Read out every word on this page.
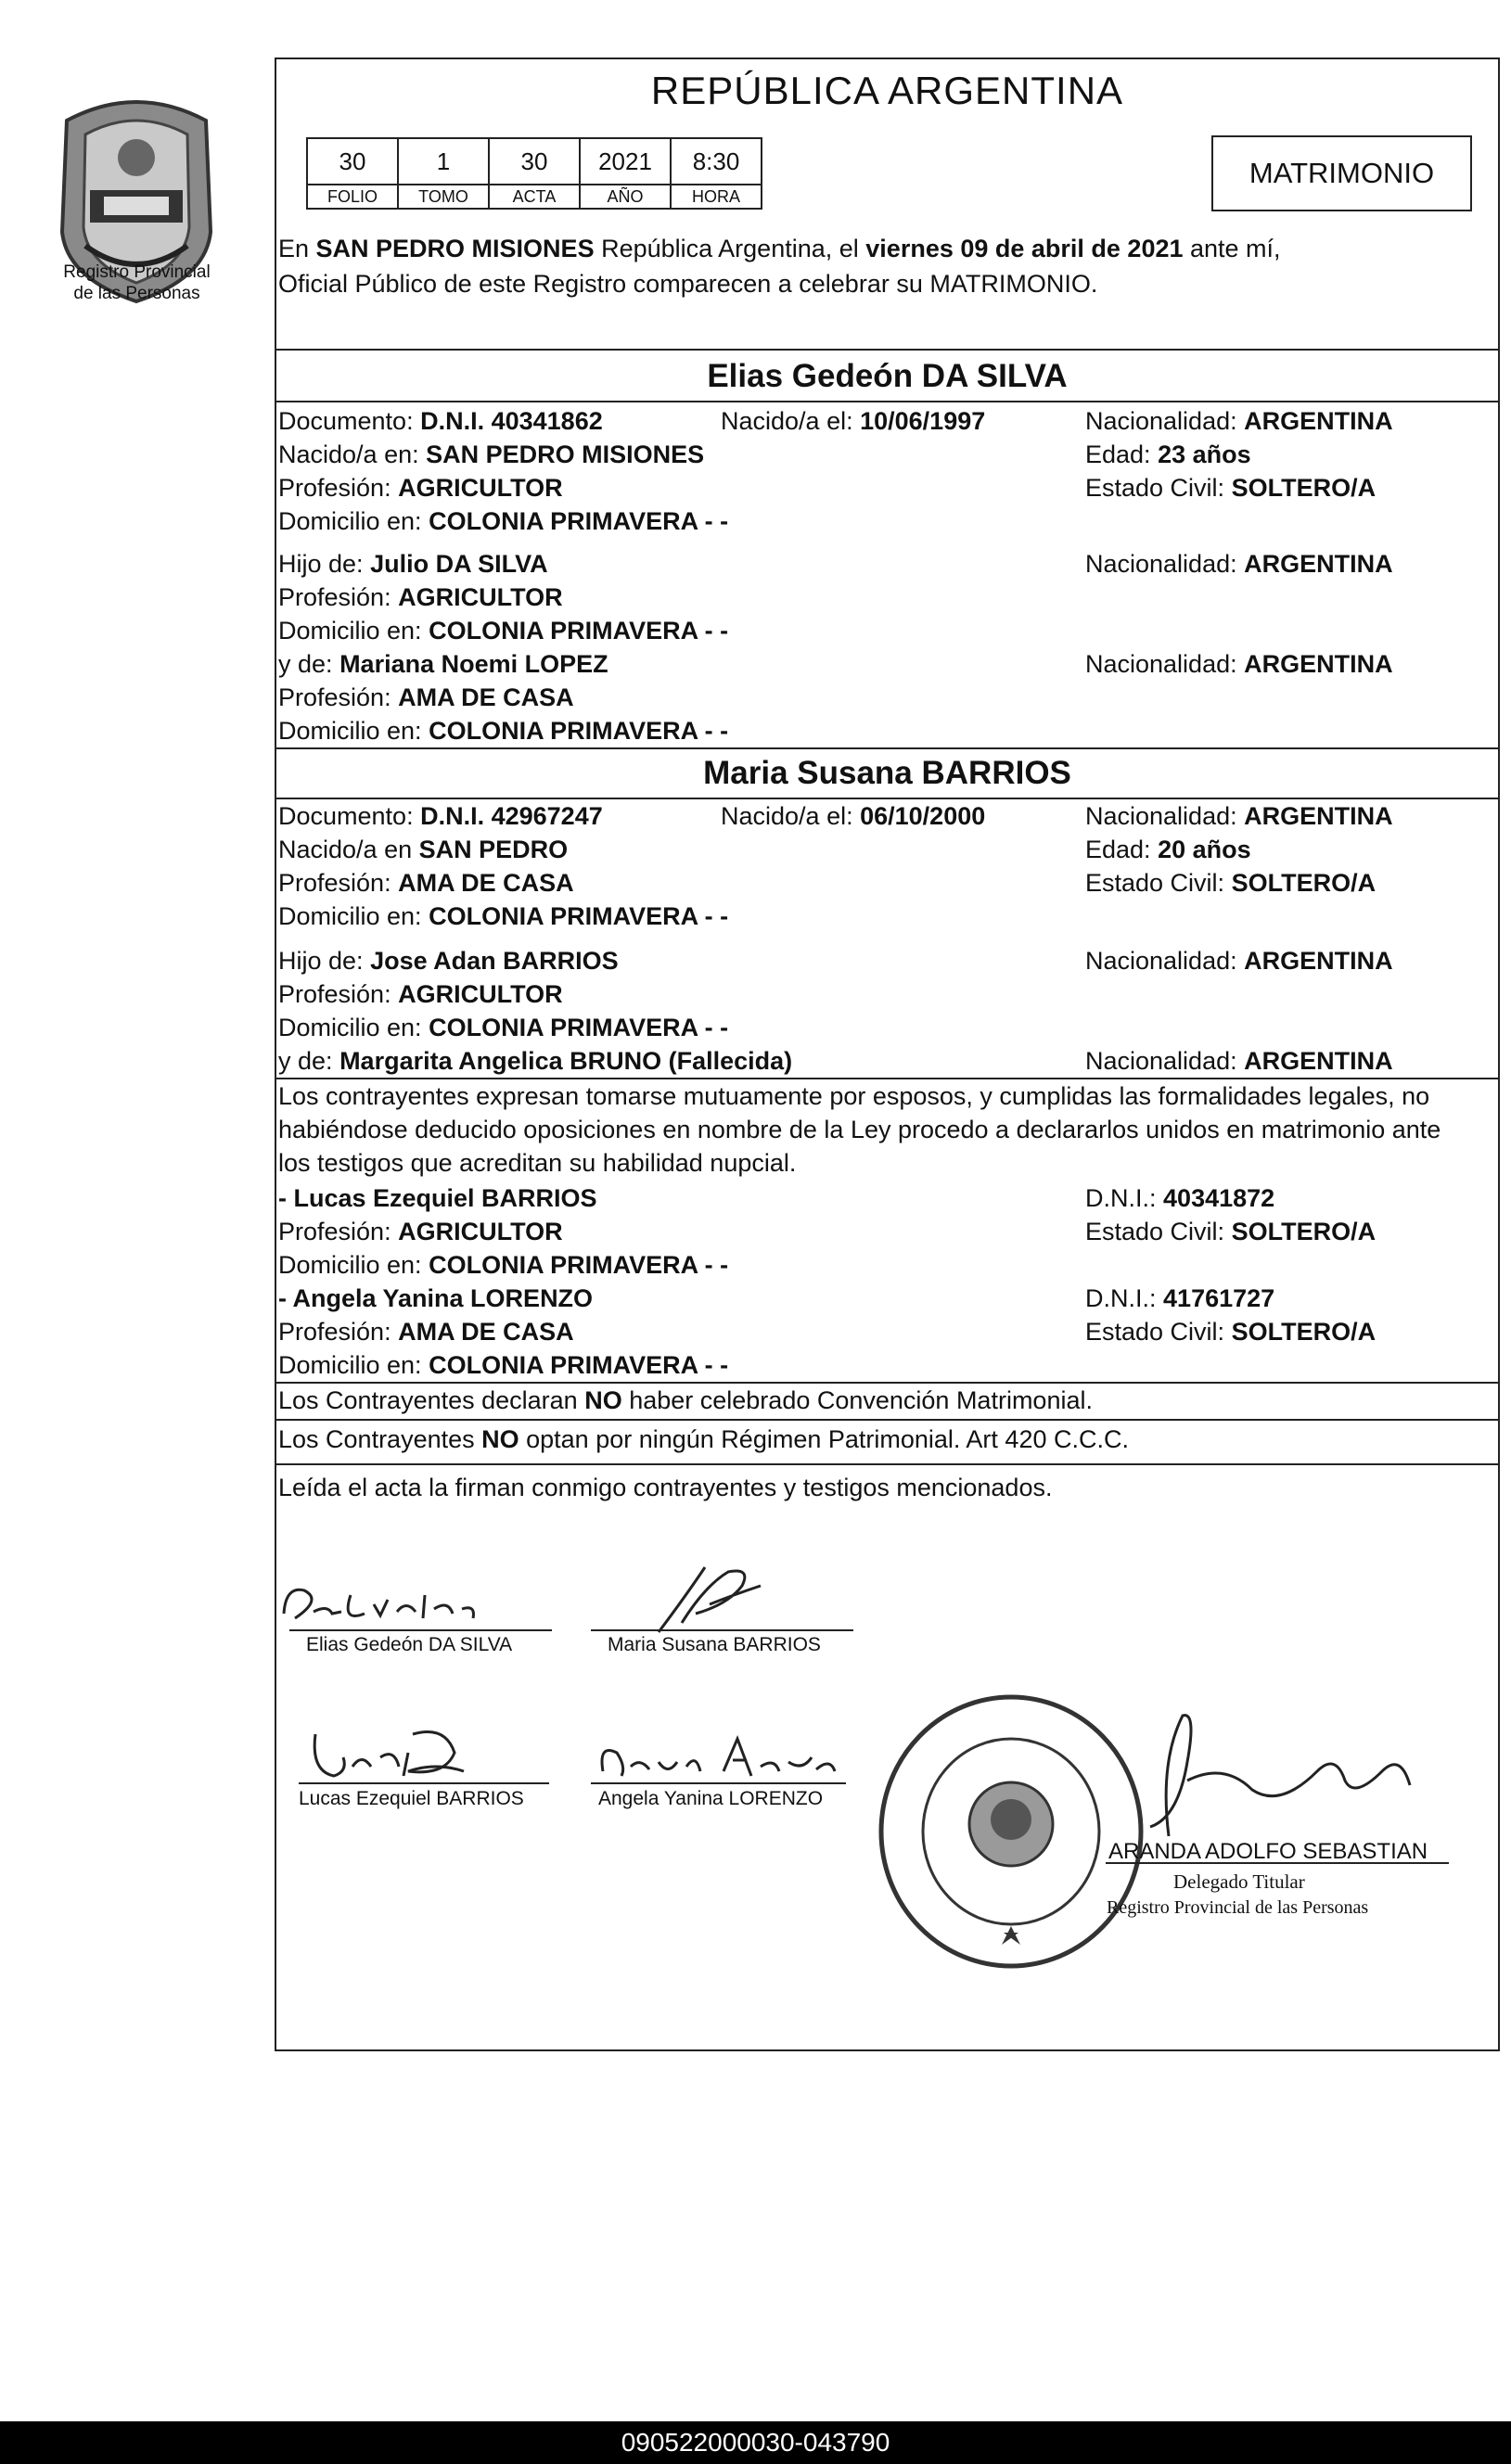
Registro Provincial
de las Personas
REPÚBLICA ARGENTINA
30	1	30	2021	8:30
FOLIO	TOMO	ACTA	AÑO	HORA
MATRIMONIO
En SAN PEDRO MISIONES República Argentina, el viernes 09 de abril de 2021 ante mí,
Oficial Público de este Registro comparecen a celebrar su MATRIMONIO.
Elias Gedeón DA SILVA
Documento: D.N.I. 40341862	Nacido/a el: 10/06/1997	Nacionalidad: ARGENTINA
Nacido/a en: SAN PEDRO MISIONES	Edad: 23 años
Profesión: AGRICULTOR	Estado Civil: SOLTERO/A
Domicilio en: COLONIA PRIMAVERA - -
Hijo de: Julio DA SILVA	Nacionalidad: ARGENTINA
Profesión: AGRICULTOR
Domicilio en: COLONIA PRIMAVERA - -
y de: Mariana Noemi LOPEZ	Nacionalidad: ARGENTINA
Profesión: AMA DE CASA
Domicilio en: COLONIA PRIMAVERA - -
Maria Susana BARRIOS
Documento: D.N.I. 42967247	Nacido/a el: 06/10/2000	Nacionalidad: ARGENTINA
Nacido/a en SAN PEDRO	Edad: 20 años
Profesión: AMA DE CASA	Estado Civil: SOLTERO/A
Domicilio en: COLONIA PRIMAVERA - -
Hijo de: Jose Adan BARRIOS	Nacionalidad: ARGENTINA
Profesión: AGRICULTOR
Domicilio en: COLONIA PRIMAVERA - -
y de: Margarita Angelica BRUNO (Fallecida)	Nacionalidad: ARGENTINA
Los contrayentes expresan tomarse mutuamente por esposos, y cumplidas las formalidades legales, no
habiéndose deducido oposiciones en nombre de la Ley procedo a declararlos unidos en matrimonio ante
los testigos que acreditan su habilidad nupcial.
- Lucas Ezequiel BARRIOS	D.N.I.: 40341872
Profesión: AGRICULTOR	Estado Civil: SOLTERO/A
Domicilio en: COLONIA PRIMAVERA - -
- Angela Yanina LORENZO	D.N.I.: 41761727
Profesión: AMA DE CASA	Estado Civil: SOLTERO/A
Domicilio en: COLONIA PRIMAVERA - -
Los Contrayentes declaran NO haber celebrado Convención Matrimonial.
Los Contrayentes NO optan por ningún Régimen Patrimonial. Art 420 C.C.C.
Leída el acta la firman conmigo contrayentes y testigos mencionados.
Elias Gedeón DA SILVA	Maria Susana BARRIOS
Lucas Ezequiel BARRIOS	Angela Yanina LORENZO
ARANDA ADOLFO SEBASTIAN
Delegado Titular
Registro Provincial de las Personas
090522000030-043790
